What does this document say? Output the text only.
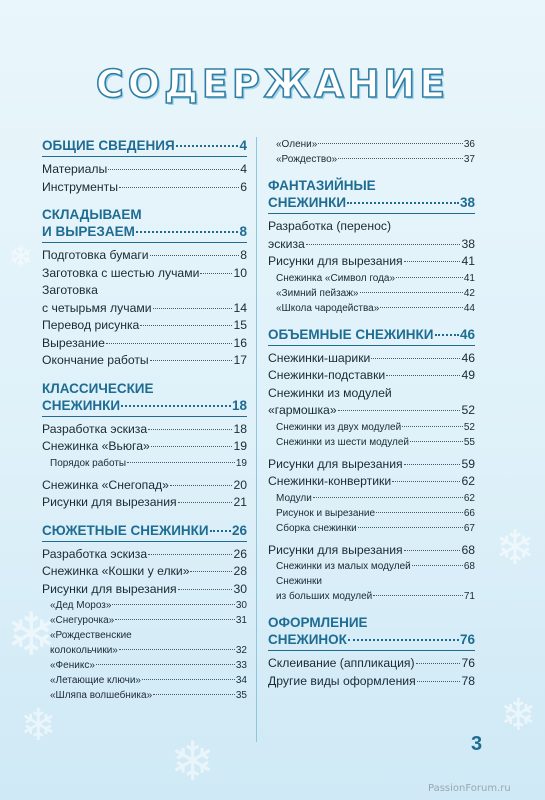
❄
❄
❄
❄
❄
❄
СОДЕРЖАНИЕ
ОБЩИЕ СВЕДЕНИЯ	4
Материалы	4
Инструменты	6
СКЛАДЫВАЕМ
И ВЫРЕЗАЕМ	8
Подготовка бумаги	8
Заготовка с шестью лучами	10
Заготовка
с четырьмя лучами	14
Перевод рисунка	15
Вырезание	16
Окончание работы	17
КЛАССИЧЕСКИЕ
СНЕЖИНКИ	18
Разработка эскиза	18
Снежинка «Вьюга»	19
Порядок работы	19
Снежинка «Снегопад»	20
Рисунки для вырезания	21
СЮЖЕТНЫЕ СНЕЖИНКИ 26
Разработка эскиза	26
Снежинка «Кошки у елки»	28
Рисунки для вырезания	30
«Дед Мороз»	30
«Снегурочка»	31
«Рождественские
колокольчики»	32
«Феникс»	33
«Летающие ключи»	34
«Шляпа волшебника»	35
«Олени»	36
«Рождество»	37
ФАНТАЗИЙНЫЕ
СНЕЖИНКИ	38
Разработка (перенос)
эскиза	38
Рисунки для вырезания	41
Снежинка «Символ года»	41
«Зимний пейзаж»	42
«Школа чародейства»	44
ОБЪЕМНЫЕ СНЕЖИНКИ 46
Снежинки-шарики	46
Снежинки-подставки	49
Снежинки из модулей
«гармошка»	52
Снежинки из двух модулей	52
Снежинки из шести модулей	55
Рисунки для вырезания	59
Снежинки-конвертики	62
Модули	62
Рисунок и вырезание	66
Сборка снежинки	67
Рисунки для вырезания	68
Снежинки из малых модулей	68
Снежинки
из больших модулей	71
ОФОРМЛЕНИЕ
СНЕЖИНОК	76
Склеивание (аппликация)	76
Другие виды оформления	78
3
PassionForum.ru
